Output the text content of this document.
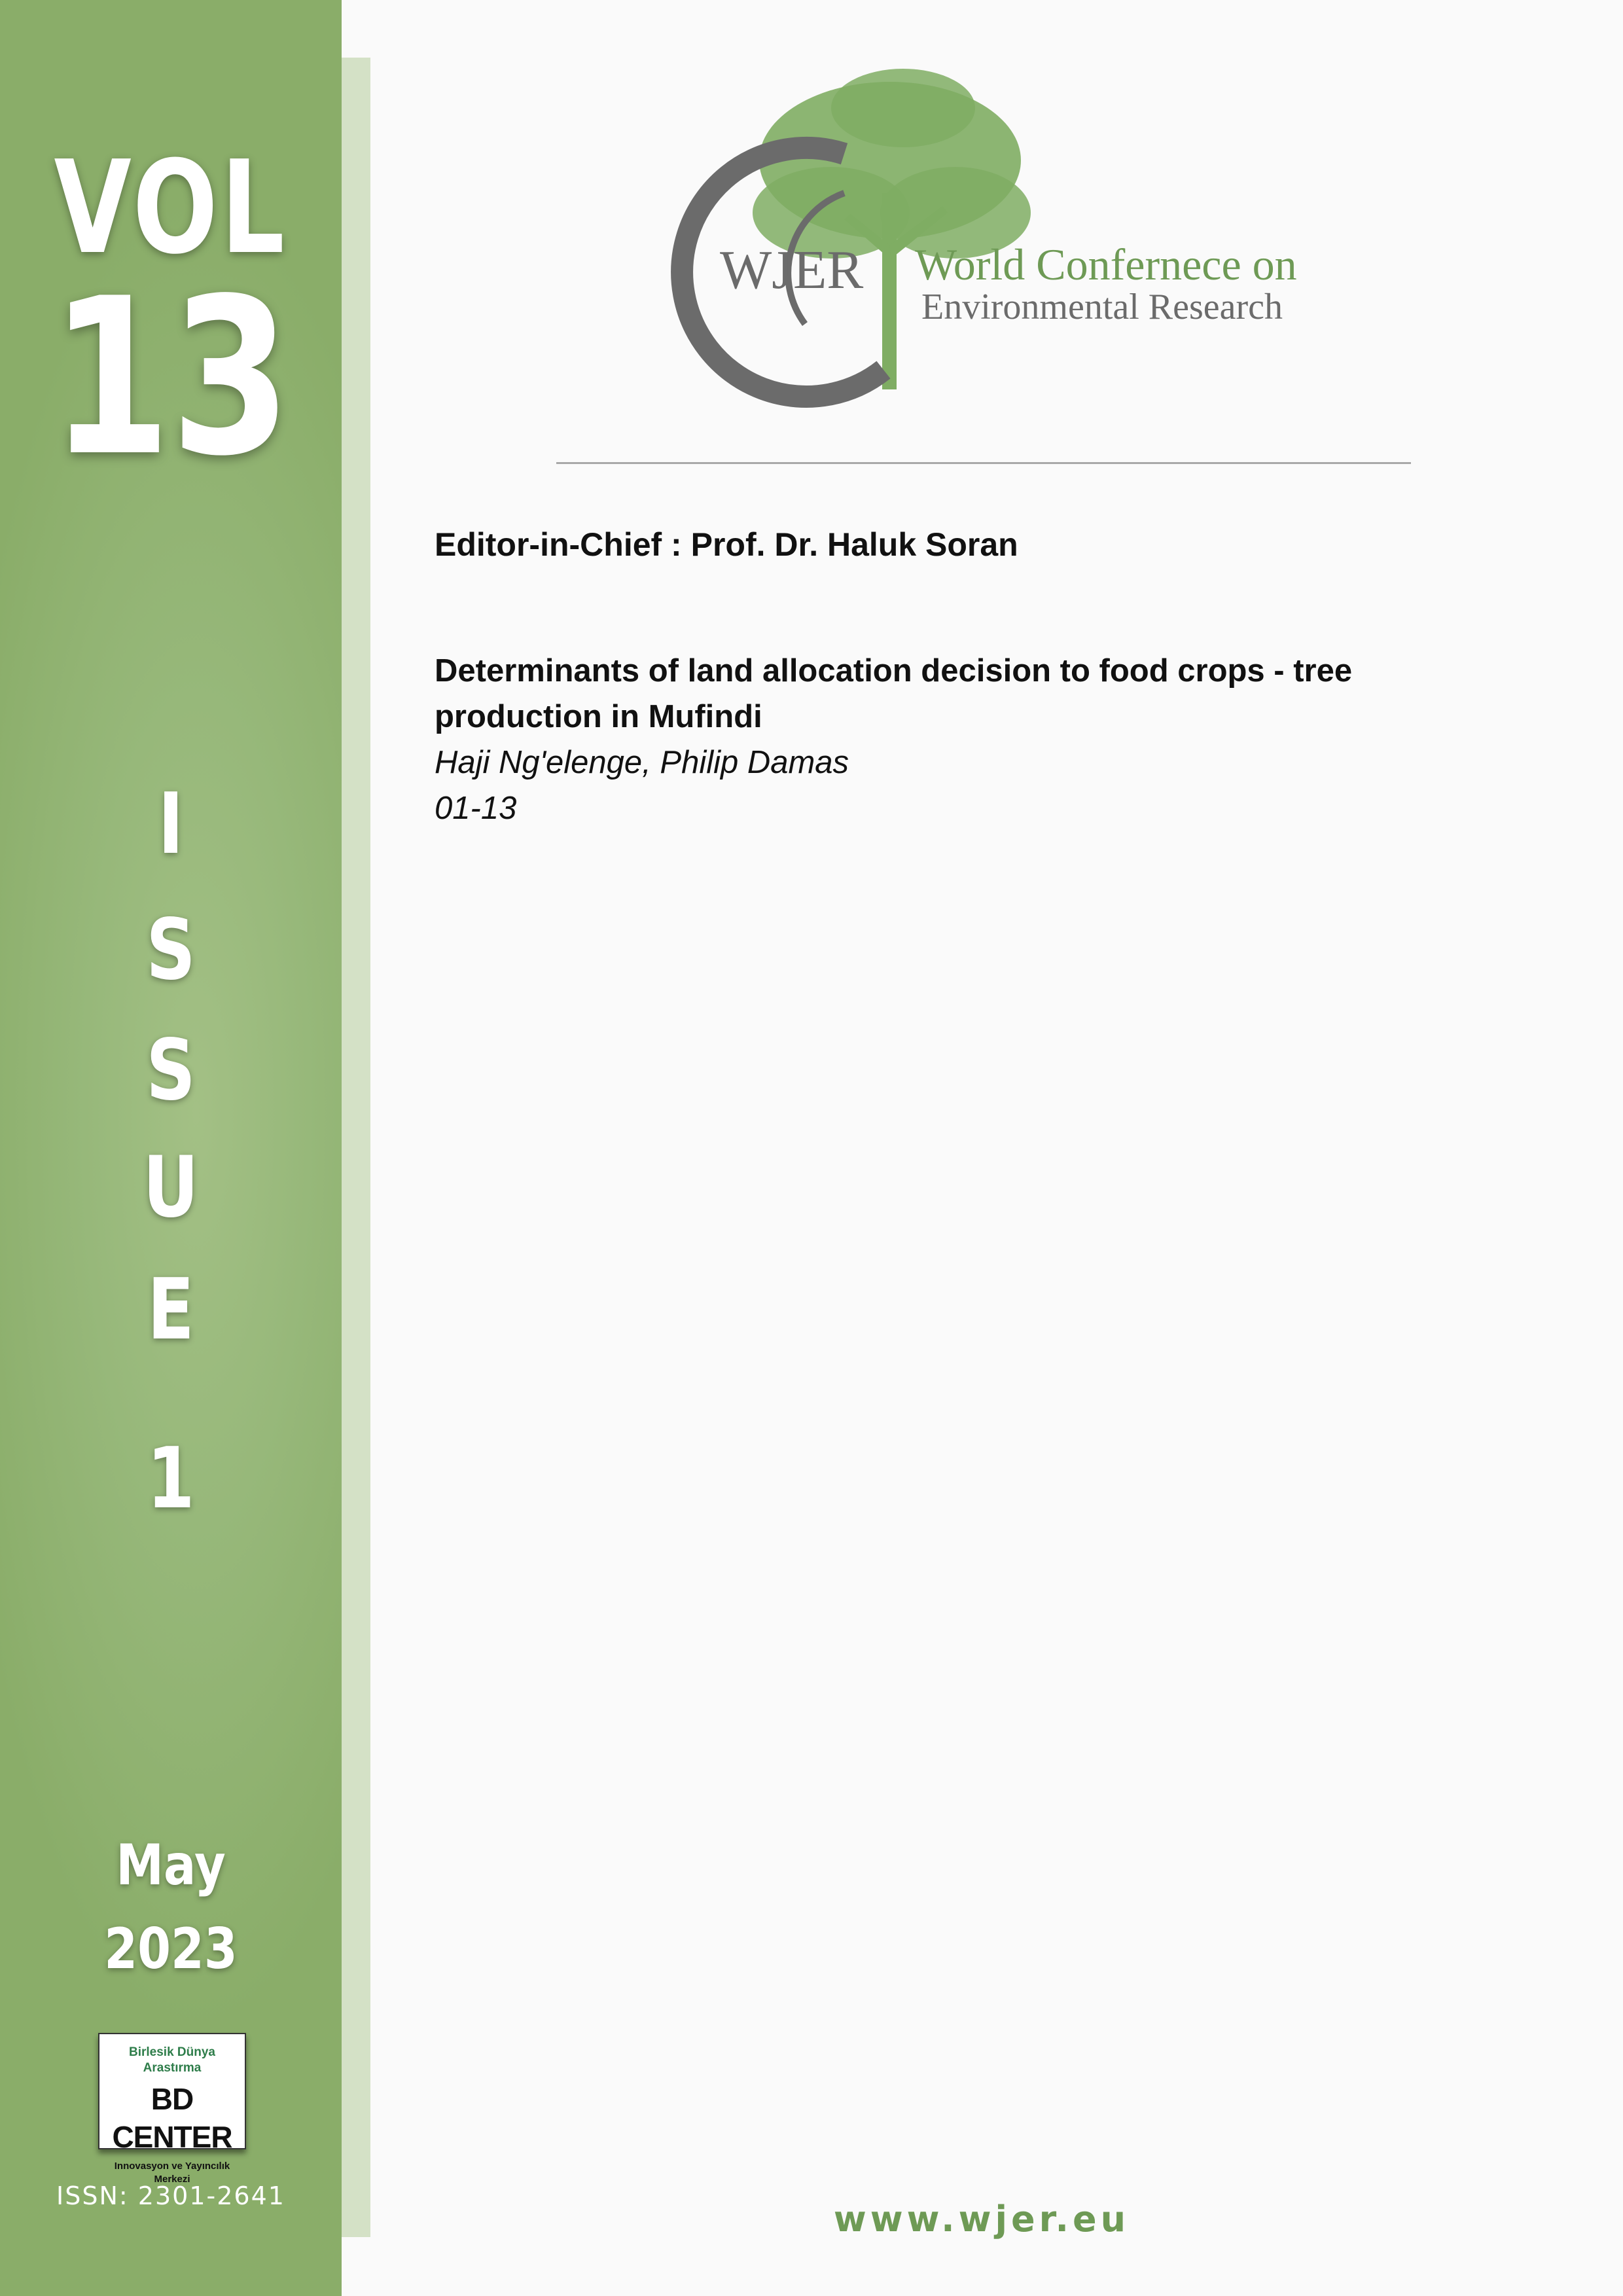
VOL
13
I
S
S
U
E
1
May
2023
Birlesik Dünya Arastırma
BD CENTER
Innovasyon ve Yayıncılık Merkezi
ISSN: 2301-2641
WJER World Confernece on
Environmental Research
Editor-in-Chief : Prof. Dr. Haluk Soran
Determinants of land allocation decision to food crops - tree production in Mufindi
Haji Ng'elenge, Philip Damas
01-13
www.wjer.eu
